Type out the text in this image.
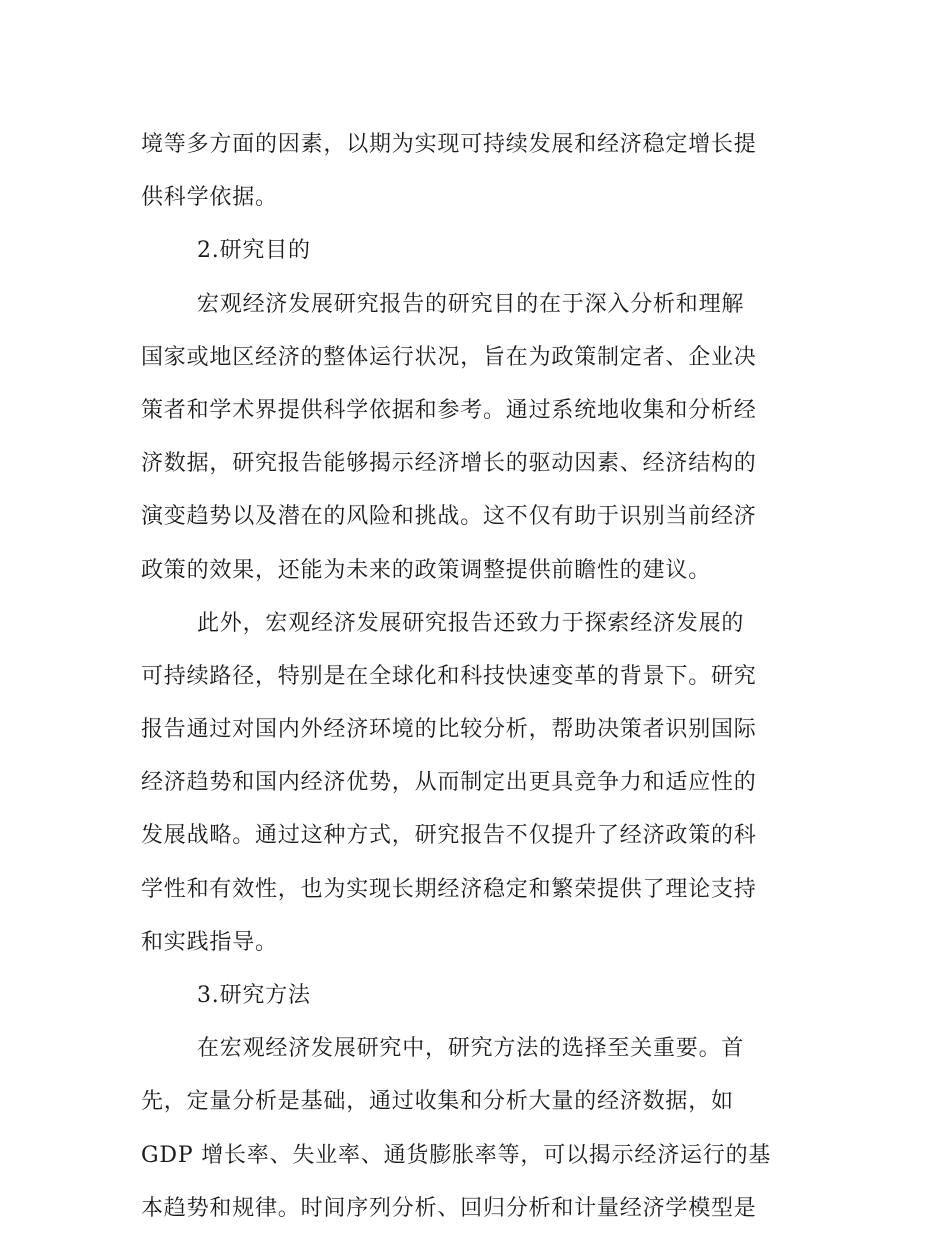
境等多方面的因素，以期为实现可持续发展和经济稳定增长提
供科学依据。
2.研究目的
宏观经济发展研究报告的研究目的在于深入分析和理解
国家或地区经济的整体运行状况，旨在为政策制定者、企业决
策者和学术界提供科学依据和参考。通过系统地收集和分析经
济数据，研究报告能够揭示经济增长的驱动因素、经济结构的
演变趋势以及潜在的风险和挑战。这不仅有助于识别当前经济
政策的效果，还能为未来的政策调整提供前瞻性的建议。
此外，宏观经济发展研究报告还致力于探索经济发展的
可持续路径，特别是在全球化和科技快速变革的背景下。研究
报告通过对国内外经济环境的比较分析，帮助决策者识别国际
经济趋势和国内经济优势，从而制定出更具竞争力和适应性的
发展战略。通过这种方式，研究报告不仅提升了经济政策的科
学性和有效性，也为实现长期经济稳定和繁荣提供了理论支持
和实践指导。
3.研究方法
在宏观经济发展研究中，研究方法的选择至关重要。首
先，定量分析是基础，通过收集和分析大量的经济数据，如
GDP 增长率、失业率、通货膨胀率等，可以揭示经济运行的基
本趋势和规律。时间序列分析、回归分析和计量经济学模型是
